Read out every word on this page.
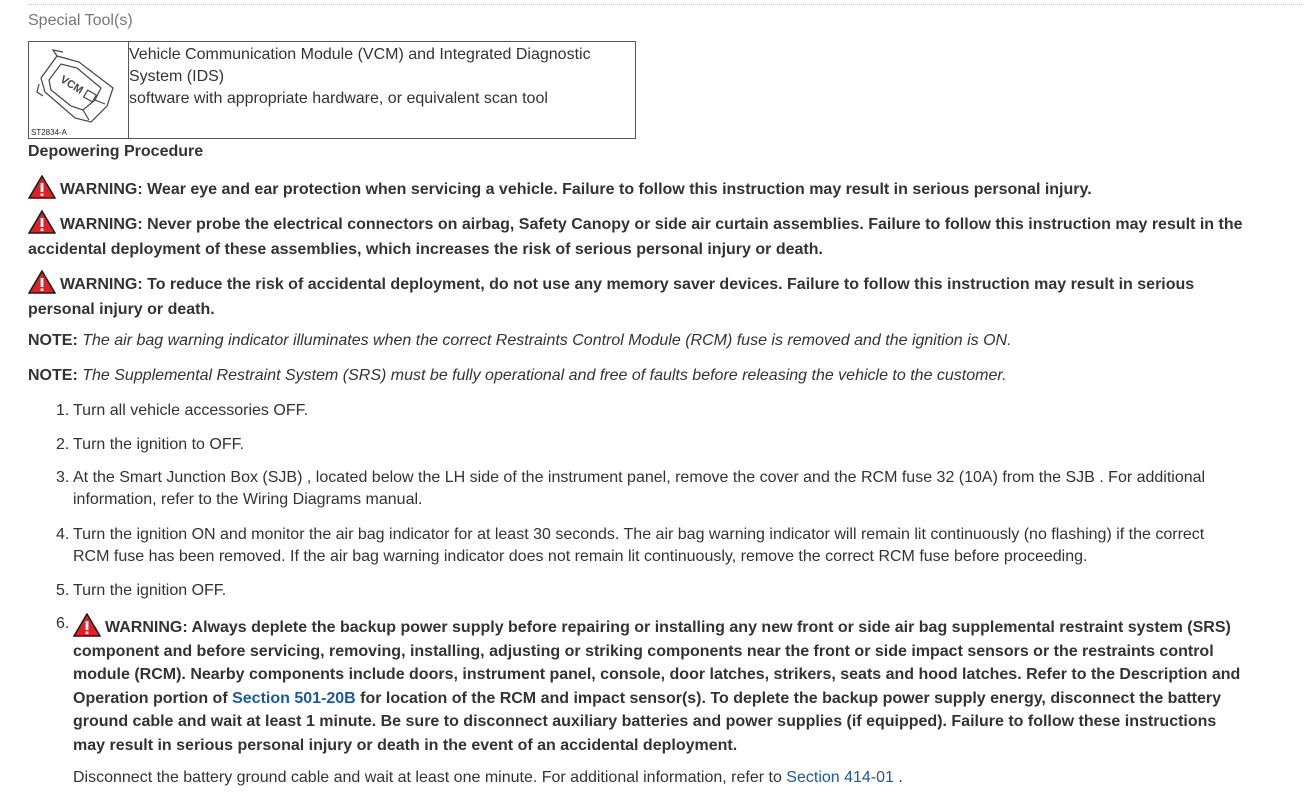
Special Tool(s)
VCM
ST2834-A
Vehicle Communication Module (VCM) and Integrated Diagnostic
System (IDS)
software with appropriate hardware, or equivalent scan tool
Depowering Procedure
WARNING: Wear eye and ear protection when servicing a vehicle. Failure to follow this instruction may result in serious personal injury.
WARNING: Never probe the electrical connectors on airbag, Safety Canopy or side air curtain assemblies. Failure to follow this instruction may result in the accidental deployment of these assemblies, which increases the risk of serious personal injury or death.
WARNING: To reduce the risk of accidental deployment, do not use any memory saver devices. Failure to follow this instruction may result in serious personal injury or death.
NOTE: The air bag warning indicator illuminates when the correct Restraints Control Module (RCM) fuse is removed and the ignition is ON.
NOTE: The Supplemental Restraint System (SRS) must be fully operational and free of faults before releasing the vehicle to the customer.
1. Turn all vehicle accessories OFF.
2. Turn the ignition to OFF.
3. At the Smart Junction Box (SJB) , located below the LH side of the instrument panel, remove the cover and the RCM fuse 32 (10A) from the SJB . For additional information, refer to the Wiring Diagrams manual.
4. Turn the ignition ON and monitor the air bag indicator for at least 30 seconds. The air bag warning indicator will remain lit continuously (no flashing) if the correct RCM fuse has been removed. If the air bag warning indicator does not remain lit continuously, remove the correct RCM fuse before proceeding.
5. Turn the ignition OFF.
6.	WARNING: Always deplete the backup power supply before repairing or installing any new front or side air bag supplemental restraint system (SRS) component and before servicing, removing, installing, adjusting or striking components near the front or side impact sensors or the restraints control module (RCM). Nearby components include doors, instrument panel, console, door latches, strikers, seats and hood latches. Refer to the Description and Operation portion of Section 501-20B for location of the RCM and impact sensor(s). To deplete the backup power supply energy, disconnect the battery ground cable and wait at least 1 minute. Be sure to disconnect auxiliary batteries and power supplies (if equipped). Failure to follow these instructions may result in serious personal injury or death in the event of an accidental deployment.
Disconnect the battery ground cable and wait at least one minute. For additional information, refer to Section 414-01 .
